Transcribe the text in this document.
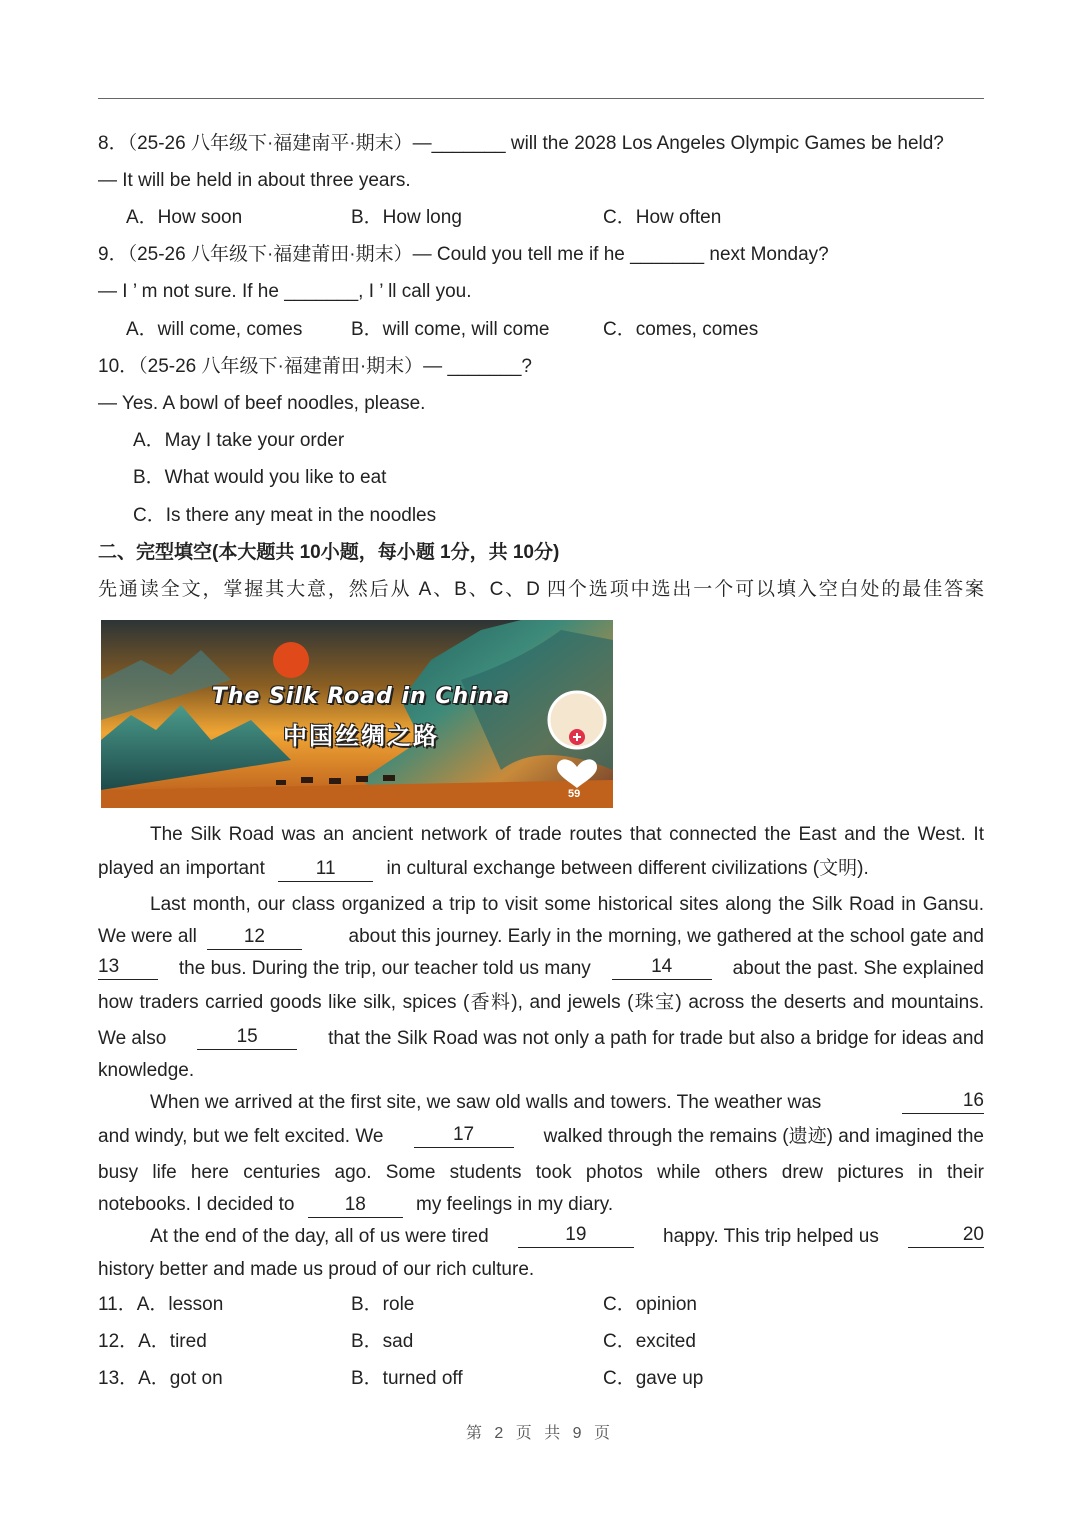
8．（25-26 八年级下·福建南平·期末）—_______ will the 2028 Los Angeles Olympic Games be held?
— It will be held in about three years.
A．How soon	B．How long	C．How often
9．（25-26 八年级下·福建莆田·期末）— Could you tell me if he _______ next Monday?
— I ’ m not sure. If he _______, I ’ ll call you.
A．will come, comes	B．will come, will come	C．comes, comes
10．（25-26 八年级下·福建莆田·期末）— _______?
— Yes. A bowl of beef noodles, please.
A．May I take your order
B．What would you like to eat
C．Is there any meat in the noodles
二、完型填空(本大题共 10小题，每小题 1分，共 10分)
先通读全文，掌握其大意，然后从 A、B、C、D 四个选项中选出一个可以填入空白处的最佳答案
The Silk Road in China
中国丝绸之路
59
The Silk Road was an ancient network of trade routes that connected the East and the West. It
played an important	11	in cultural exchange between different civilizations (文明).
Last month, our class organized a trip to visit some historical sites along the Silk Road in Gansu.
We were all 12	about this journey. Early in the morning, we gathered at the school gate and
13	the bus. During the trip, our teacher told us many	14	about the past. She explained
how traders carried goods like silk, spices (香料), and jewels (珠宝) across the deserts and mountains.
We also	15	that the Silk Road was not only a path for trade but also a bridge for ideas and
knowledge.
When we arrived at the first site, we saw old walls and towers. The weather was	16
and windy, but we felt excited. We	17	walked through the remains (遗迹) and imagined the
busy life here centuries ago. Some students took photos while others drew pictures in their
notebooks. I decided to	18	my feelings in my diary.
At the end of the day, all of us were tired	19	happy. This trip helped us	20
history better and made us proud of our rich culture.
11．A．lesson	B．role	C．opinion
12．A．tired	B．sad	C．excited
13．A．got on	B．turned off	C．gave up
第 2 页 共 9 页
